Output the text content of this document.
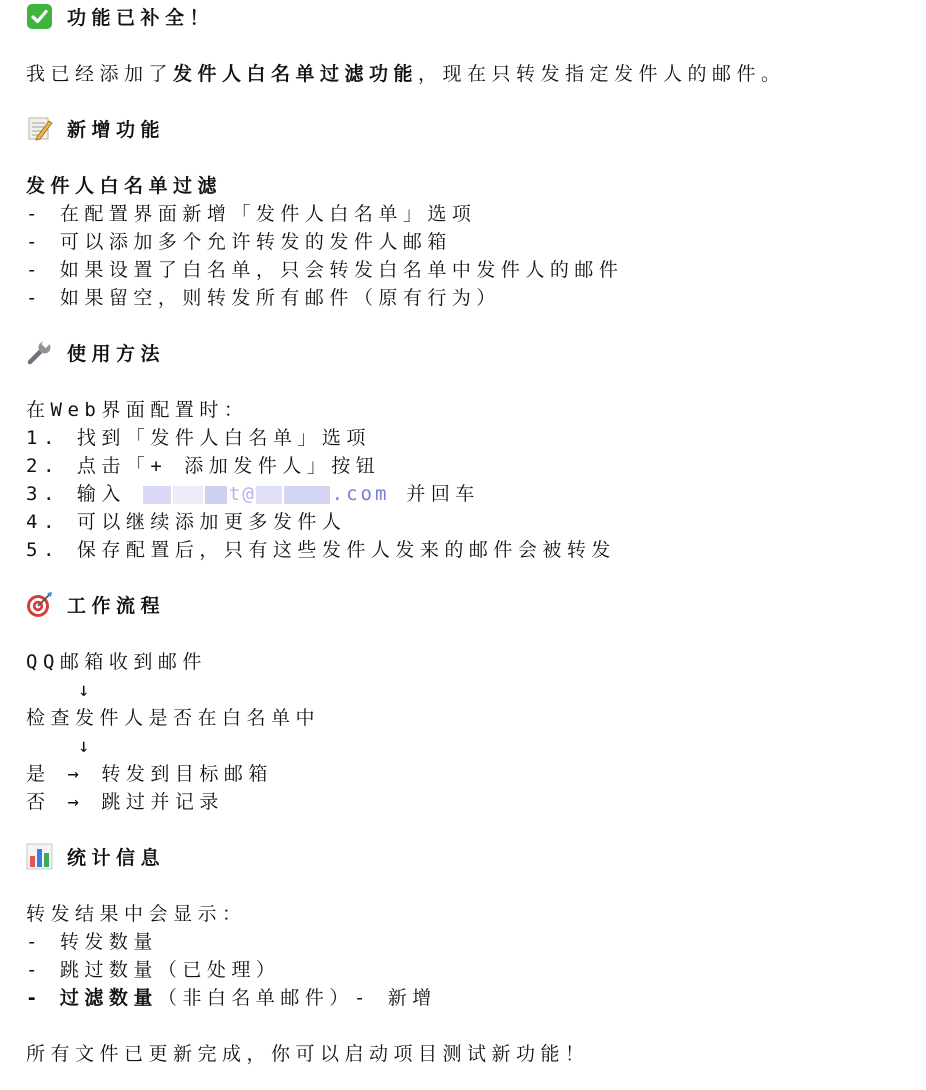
功能已补全！
我已经添加了发件人白名单过滤功能，现在只转发指定发件人的邮件。
新增功能
发件人白名单过滤
- 在配置界面新增「发件人白名单」选项
- 可以添加多个允许转发的发件人邮箱
- 如果设置了白名单，只会转发白名单中发件人的邮件
- 如果留空，则转发所有邮件（原有行为）
使用方法
在Web界面配置时：
1. 找到「发件人白名单」选项
2. 点击「+ 添加发件人」按钮
3. 输入	t@	.com 并回车
4. 可以继续添加更多发件人
5. 保存配置后，只有这些发件人发来的邮件会被转发
工作流程
QQ邮箱收到邮件
↓
检查发件人是否在白名单中
↓
是 → 转发到目标邮箱
否 → 跳过并记录
统计信息
转发结果中会显示：
- 转发数量
- 跳过数量（已处理）
- 过滤数量（非白名单邮件）- 新增
所有文件已更新完成，你可以启动项目测试新功能！
